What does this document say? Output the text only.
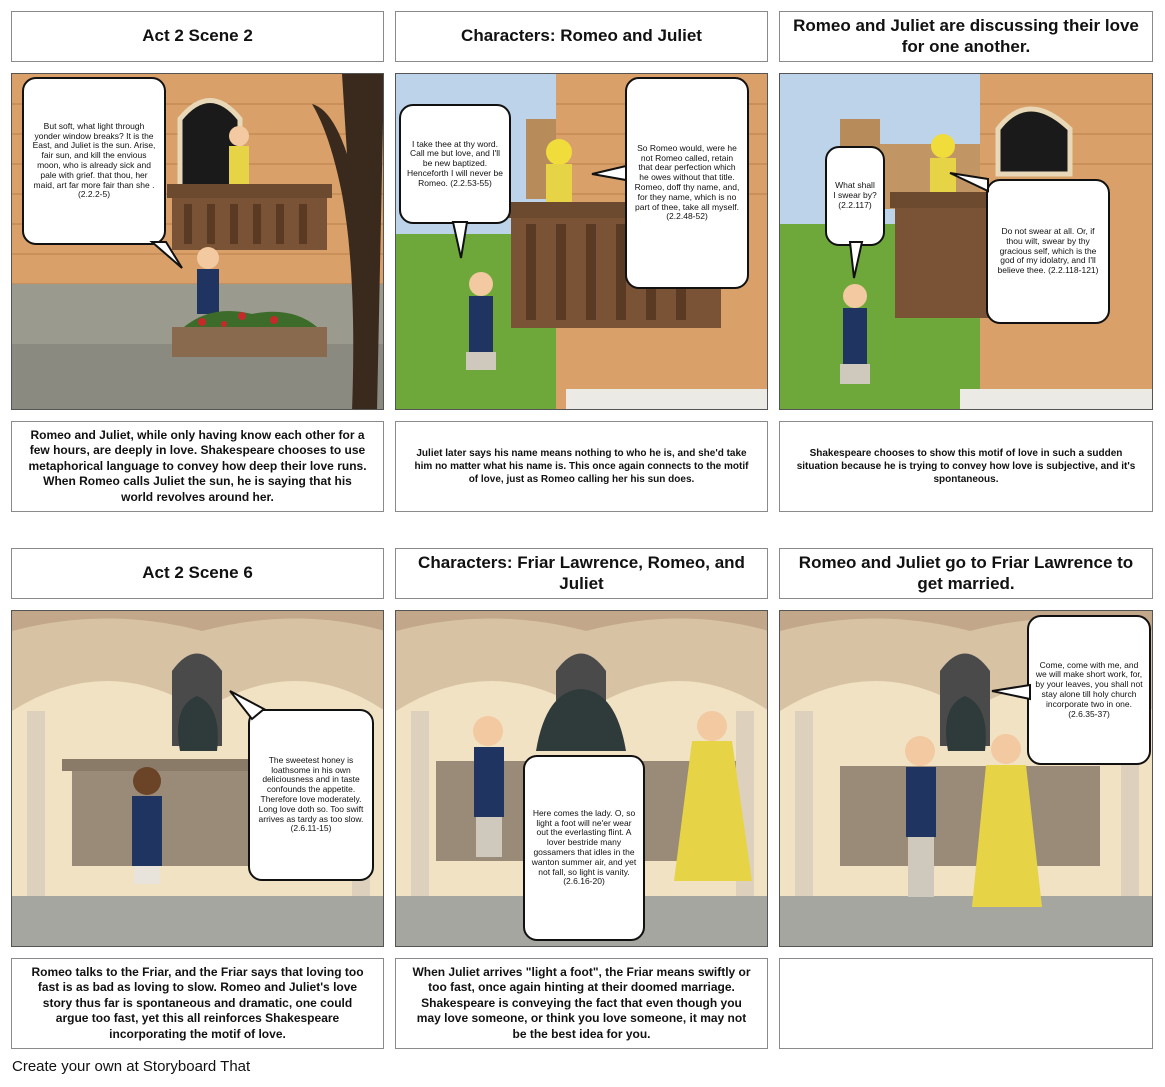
Act 2 Scene 2	Characters: Romeo and Juliet
Romeo and Juliet are discussing their love for one another.
But soft, what light through yonder window breaks? It is the East, and Juliet is the sun. Arise, fair sun, and kill the envious moon, who is already sick and pale with grief. that thou, her maid, art far more fair than she .(2.2.2-5)
I take thee at thy word. Call me but love, and I'll be new baptized. Henceforth I will never be Romeo. (2.2.53-55)
So Romeo would, were he not Romeo called, retain that dear perfection which he owes without that title. Romeo, doff thy name, and, for they name, which is no part of thee, take all myself. (2.2.48-52)
What shall I swear by? (2.2.117)
Do not swear at all. Or, if thou wilt, swear by thy gracious self, which is the god of my idolatry, and I'll believe thee. (2.2.118-121)
Romeo and Juliet, while only having know each other for a few hours, are deeply in love. Shakespeare chooses to use metaphorical language to convey how deep their love runs. When Romeo calls Juliet the sun, he is saying that his world revolves around her.
Juliet later says his name means nothing to who he is, and she'd take him no matter what his name is. This once again connects to the motif of love, just as Romeo calling her his sun does.
Shakespeare chooses to show this motif of love in such a sudden situation because he is trying to convey how love is subjective, and it's spontaneous.
Act 2 Scene 6
Characters: Friar Lawrence, Romeo, and Juliet
Romeo and Juliet go to Friar Lawrence to get married.
The sweetest honey is loathsome in his own deliciousness and in taste confounds the appetite. Therefore love moderately. Long love doth so. Too swift arrives as tardy as too slow. (2.6.11-15)
Here comes the lady. O, so light a foot will ne'er wear out the everlasting flint. A lover bestride many gossamers that idles in the wanton summer air, and yet not fall, so light is vanity. (2.6.16-20)
Come, come with me, and we will make short work, for, by your leaves, you shall not stay alone till holy church incorporate two in one. (2.6.35-37)
Romeo talks to the Friar, and the Friar says that loving too fast is as bad as loving to slow. Romeo and Juliet's love story thus far is spontaneous and dramatic, one could argue too fast, yet this all reinforces Shakespeare incorporating the motif of love.
When Juliet arrives "light a foot", the Friar means swiftly or too fast, once again hinting at their doomed marriage. Shakespeare is conveying the fact that even though you may love someone, or think you love someone, it may not be the best idea for you.
Create your own at Storyboard That
